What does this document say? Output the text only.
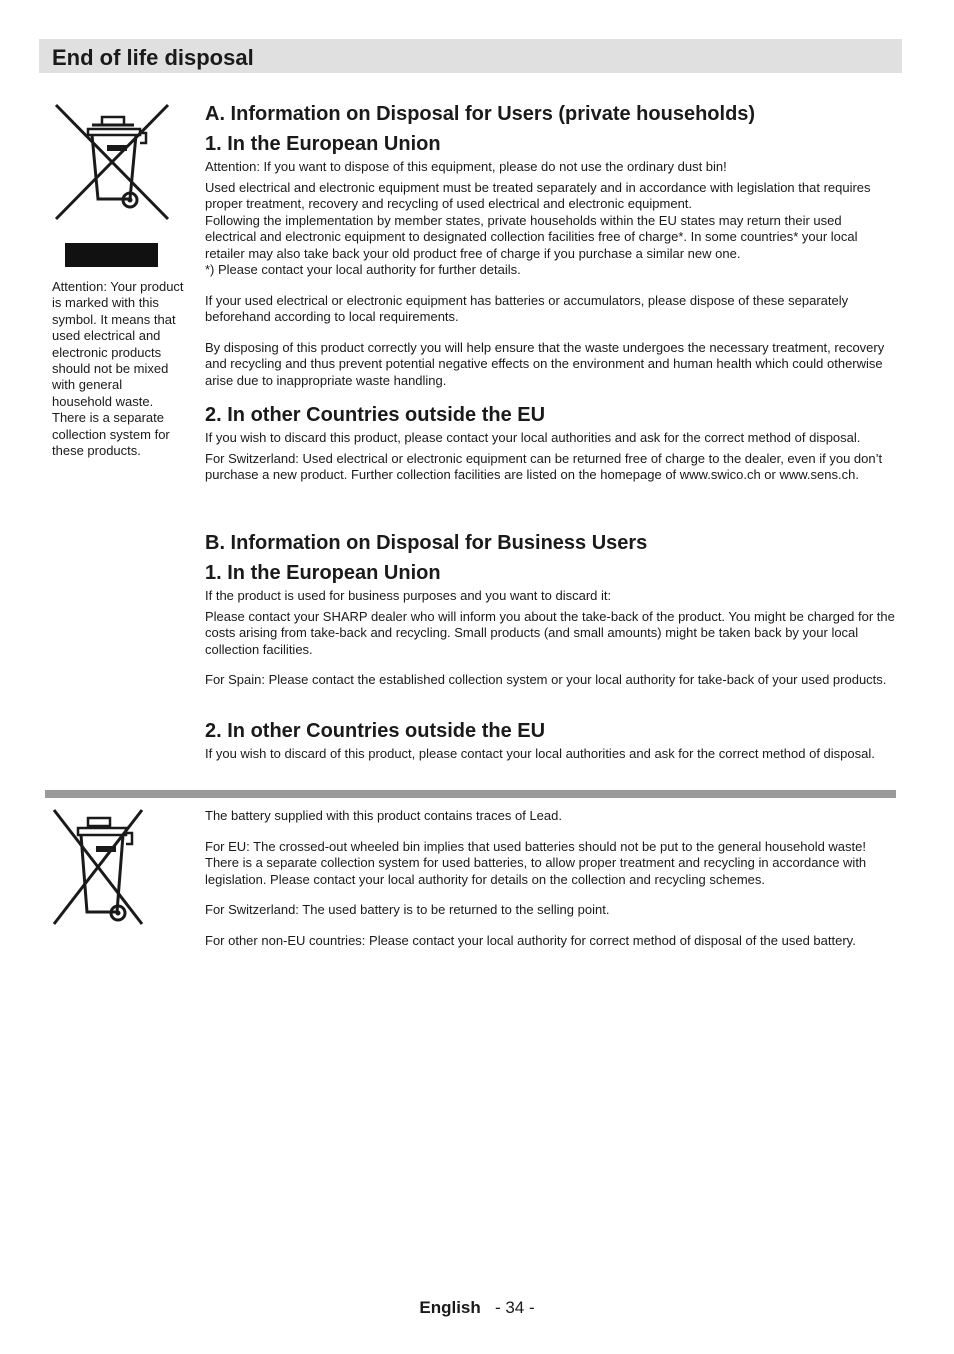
End of life disposal

Attention: Your product is marked with this symbol. It means that used electrical and electronic products should not be mixed with general household waste. There is a separate collection system for these products.

A. Information on Disposal for Users (private households)
1. In the European Union

Attention: If you want to dispose of this equipment, please do not use the ordinary dust bin!

Used electrical and electronic equipment must be treated separately and in accordance with legislation that requires proper treatment, recovery and recycling of used electrical and electronic equipment.

Following the implementation by member states, private households within the EU states may return their used electrical and electronic equipment to designated collection facilities free of charge*. In some countries* your local retailer may also take back your old product free of charge if you purchase a similar new one.

*) Please contact your local authority for further details.

If your used electrical or electronic equipment has batteries or accumulators, please dispose of these separately beforehand according to local requirements.

By disposing of this product correctly you will help ensure that the waste undergoes the necessary treatment, recovery and recycling and thus prevent potential negative effects on the environment and human health which could otherwise arise due to inappropriate waste handling.

2. In other Countries outside the EU

If you wish to discard this product, please contact your local authorities and ask for the correct method of disposal.

For Switzerland: Used electrical or electronic equipment can be returned free of charge to the dealer, even if you don’t purchase a new product. Further collection facilities are listed on the homepage of www.swico.ch or www.sens.ch.

B. Information on Disposal for Business Users
1. In the European Union

If the product is used for business purposes and you want to discard it:

Please contact your SHARP dealer who will inform you about the take-back of the product. You might be charged for the costs arising from take-back and recycling. Small products (and small amounts) might be taken back by your local collection facilities.

For Spain: Please contact the established collection system or your local authority for take-back of your used products.

2. In other Countries outside the EU

If you wish to discard of this product, please contact your local authorities and ask for the correct method of disposal.

The battery supplied with this product contains traces of Lead.

For EU: The crossed-out wheeled bin implies that used batteries should not be put to the general household waste! There is a separate collection system for used batteries, to allow proper treatment and recycling in accordance with legislation. Please contact your local authority for details on the collection and recycling schemes.

For Switzerland: The used battery is to be returned to the selling point.

For other non-EU countries: Please contact your local authority for correct method of disposal of the used battery.

English - 34 -
